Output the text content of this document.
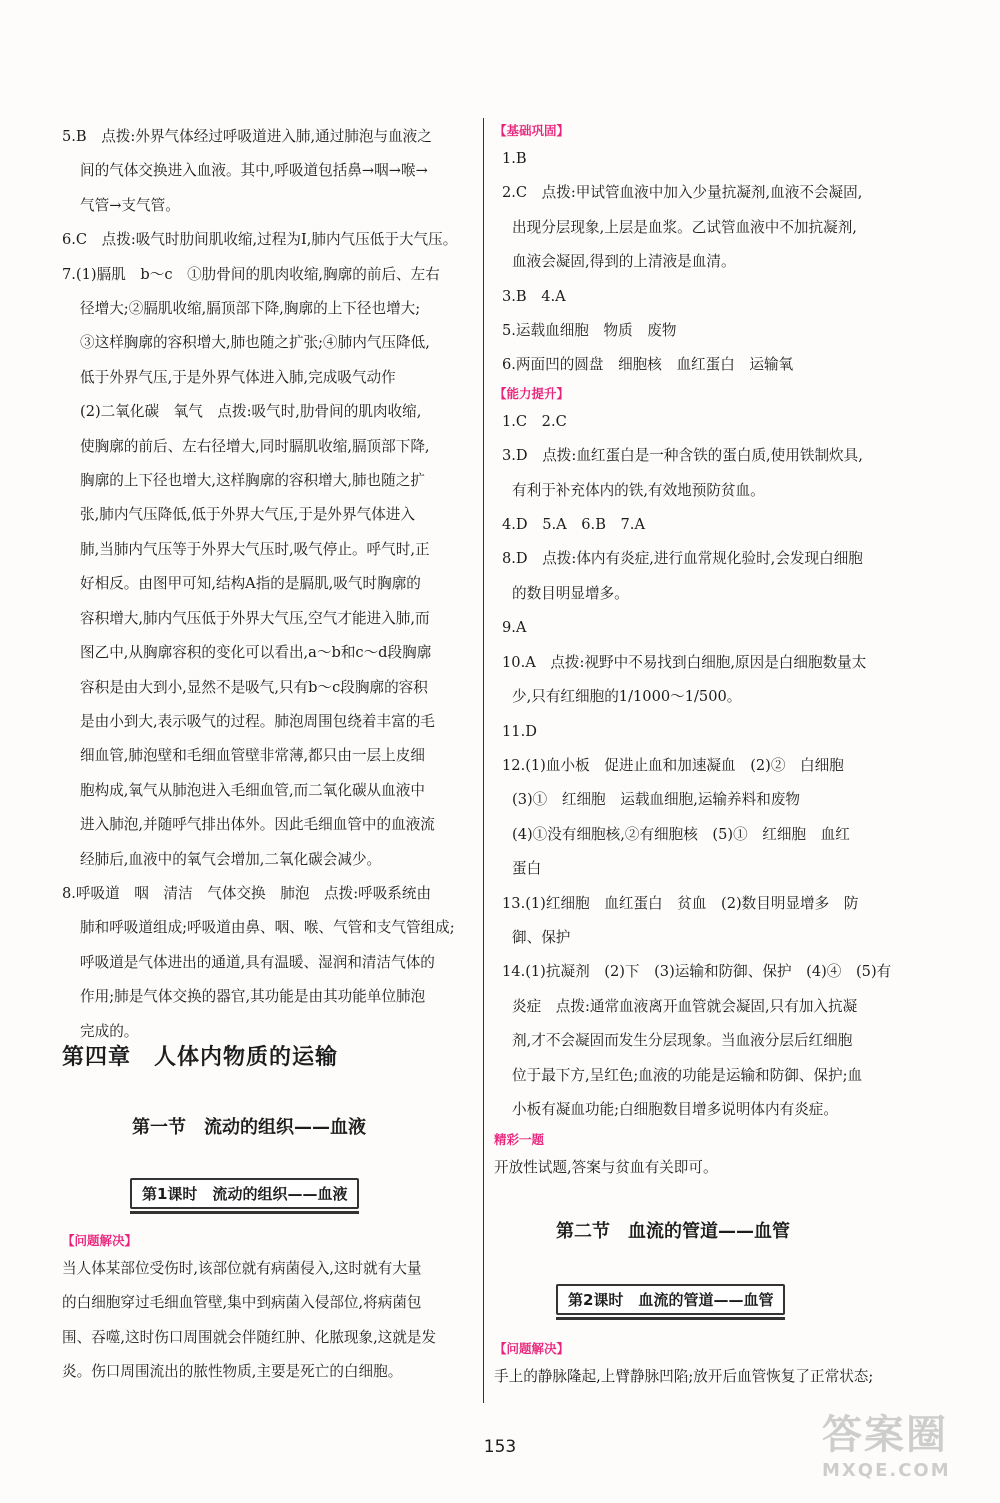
5.B　点拨:外界气体经过呼吸道进入肺,通过肺泡与血液之
间的气体交换进入血液。其中,呼吸道包括鼻→咽→喉→
气管→支气管。
6.C　点拨:吸气时肋间肌收缩,过程为Ⅰ,肺内气压低于大气压。
7.(1)膈肌　b～c　①肋骨间的肌肉收缩,胸廓的前后、左右
径增大;②膈肌收缩,膈顶部下降,胸廓的上下径也增大;
③这样胸廓的容积增大,肺也随之扩张;④肺内气压降低,
低于外界气压,于是外界气体进入肺,完成吸气动作
(2)二氧化碳　氧气　点拨:吸气时,肋骨间的肌肉收缩,
使胸廓的前后、左右径增大,同时膈肌收缩,膈顶部下降,
胸廓的上下径也增大,这样胸廓的容积增大,肺也随之扩
张,肺内气压降低,低于外界大气压,于是外界气体进入
肺,当肺内气压等于外界大气压时,吸气停止。呼气时,正
好相反。由图甲可知,结构A指的是膈肌,吸气时胸廓的
容积增大,肺内气压低于外界大气压,空气才能进入肺,而
图乙中,从胸廓容积的变化可以看出,a～b和c～d段胸廓
容积是由大到小,显然不是吸气,只有b～c段胸廓的容积
是由小到大,表示吸气的过程。肺泡周围包绕着丰富的毛
细血管,肺泡壁和毛细血管壁非常薄,都只由一层上皮细
胞构成,氧气从肺泡进入毛细血管,而二氧化碳从血液中
进入肺泡,并随呼气排出体外。因此毛细血管中的血液流
经肺后,血液中的氧气会增加,二氧化碳会减少。
8.呼吸道　咽　清洁　气体交换　肺泡　点拨:呼吸系统由
肺和呼吸道组成;呼吸道由鼻、咽、喉、气管和支气管组成;
呼吸道是气体进出的通道,具有温暖、湿润和清洁气体的
作用;肺是气体交换的器官,其功能是由其功能单位肺泡
完成的。
第四章　人体内物质的运输
第一节　流动的组织——血液
第1课时　流动的组织——血液
【问题解决】
当人体某部位受伤时,该部位就有病菌侵入,这时就有大量
的白细胞穿过毛细血管壁,集中到病菌入侵部位,将病菌包
围、吞噬,这时伤口周围就会伴随红肿、化脓现象,这就是发
炎。伤口周围流出的脓性物质,主要是死亡的白细胞。
【基础巩固】
1.B
2.C　点拨:甲试管血液中加入少量抗凝剂,血液不会凝固,
出现分层现象,上层是血浆。乙试管血液中不加抗凝剂,
血液会凝固,得到的上清液是血清。
3.B　4.A
5.运载血细胞　物质　废物
6.两面凹的圆盘　细胞核　血红蛋白　运输氧
【能力提升】
1.C　2.C
3.D　点拨:血红蛋白是一种含铁的蛋白质,使用铁制炊具,
有利于补充体内的铁,有效地预防贫血。
4.D　5.A　6.B　7.A
8.D　点拨:体内有炎症,进行血常规化验时,会发现白细胞
的数目明显增多。
9.A
10.A　点拨:视野中不易找到白细胞,原因是白细胞数量太
少,只有红细胞的1/1000～1/500。
11.D
12.(1)血小板　促进止血和加速凝血　(2)②　白细胞
(3)①　红细胞　运载血细胞,运输养料和废物
(4)①没有细胞核,②有细胞核　(5)①　红细胞　血红
蛋白
13.(1)红细胞　血红蛋白　贫血　(2)数目明显增多　防
御、保护
14.(1)抗凝剂　(2)下　(3)运输和防御、保护　(4)④　(5)有
炎症　点拨:通常血液离开血管就会凝固,只有加入抗凝
剂,才不会凝固而发生分层现象。当血液分层后红细胞
位于最下方,呈红色;血液的功能是运输和防御、保护;血
小板有凝血功能;白细胞数目增多说明体内有炎症。
精彩一题
开放性试题,答案与贫血有关即可。
第二节　血流的管道——血管
第2课时　血流的管道——血管
【问题解决】
手上的静脉隆起,上臂静脉凹陷;放开后血管恢复了正常状态;
153	答案圈
MXQE.COM
